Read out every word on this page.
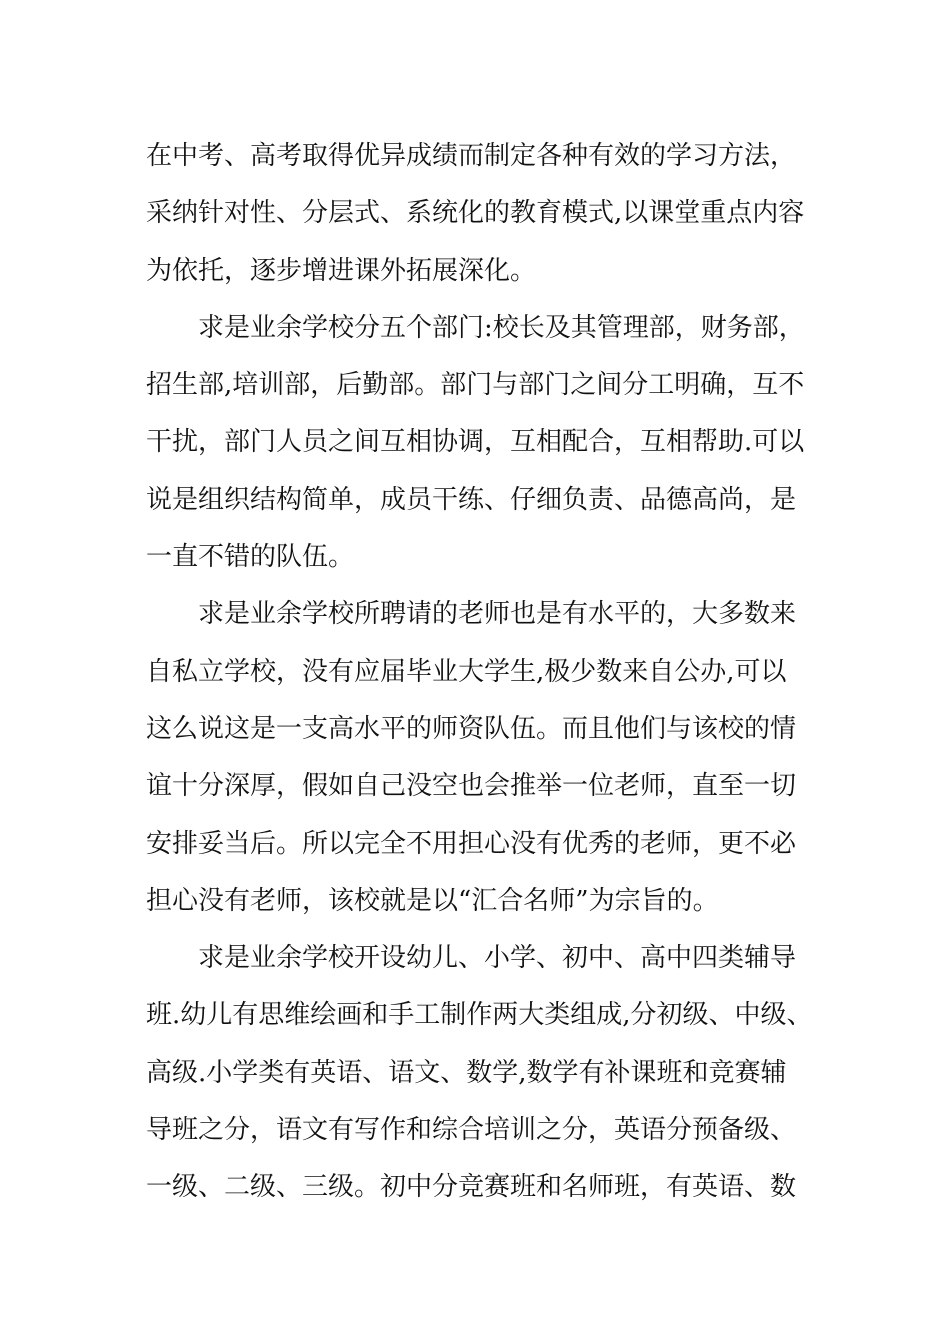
在中考、高考取得优异成绩而制定各种有效的学习方法，
采纳针对性、分层式、系统化的教育模式,以课堂重点内容
为依托，逐步增进课外拓展深化。
求是业余学校分五个部门:校长及其管理部，财务部，
招生部,培训部，后勤部。部门与部门之间分工明确，互不
干扰，部门人员之间互相协调，互相配合，互相帮助.可以
说是组织结构简单，成员干练、仔细负责、品德高尚，是
一直不错的队伍。
求是业余学校所聘请的老师也是有水平的，大多数来
自私立学校，没有应届毕业大学生,极少数来自公办,可以
这么说这是一支高水平的师资队伍。而且他们与该校的情
谊十分深厚，假如自己没空也会推举一位老师，直至一切
安排妥当后。所以完全不用担心没有优秀的老师，更不必
担心没有老师，该校就是以“汇合名师”为宗旨的。
求是业余学校开设幼儿、小学、初中、高中四类辅导
班.幼儿有思维绘画和手工制作两大类组成,分初级、中级、
高级.小学类有英语、语文、数学,数学有补课班和竞赛辅
导班之分，语文有写作和综合培训之分，英语分预备级、
一级、二级、三级。初中分竞赛班和名师班，有英语、数
